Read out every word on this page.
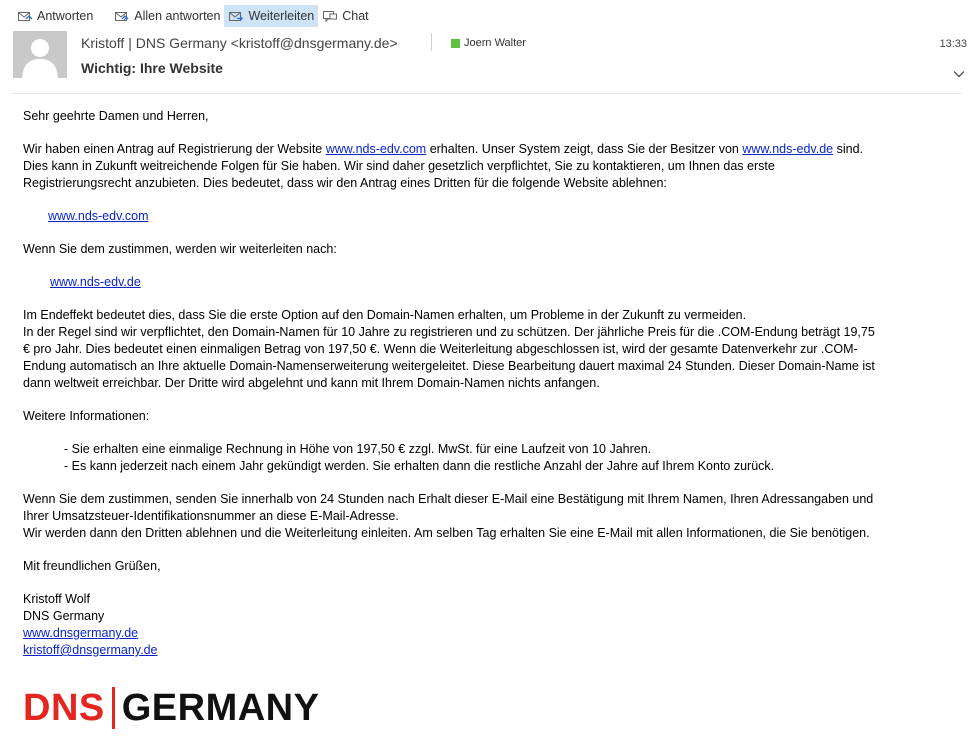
Antworten	Allen antworten Weiterleiten Chat
Kristoff | DNS Germany <kristoff@dnsgermany.de>	Joern Walter	13:33
Wichtig: Ihre Website

Sehr geehrte Damen und Herren,

Wir haben einen Antrag auf Registrierung der Website www.nds-edv.com erhalten. Unser System zeigt, dass Sie der Besitzer von www.nds-edv.de sind.

Dies kann in Zukunft weitreichende Folgen für Sie haben. Wir sind daher gesetzlich verpflichtet, Sie zu kontaktieren, um Ihnen das erste

Registrierungsrecht anzubieten. Dies bedeutet, dass wir den Antrag eines Dritten für die folgende Website ablehnen:

www.nds-edv.com

Wenn Sie dem zustimmen, werden wir weiterleiten nach:

www.nds-edv.de

Im Endeffekt bedeutet dies, dass Sie die erste Option auf den Domain-Namen erhalten, um Probleme in der Zukunft zu vermeiden.

In der Regel sind wir verpflichtet, den Domain-Namen für 10 Jahre zu registrieren und zu schützen. Der jährliche Preis für die .COM-Endung beträgt 19,75

€ pro Jahr. Dies bedeutet einen einmaligen Betrag von 197,50 €. Wenn die Weiterleitung abgeschlossen ist, wird der gesamte Datenverkehr zur .COM-

Endung automatisch an Ihre aktuelle Domain-Namenserweiterung weitergeleitet. Diese Bearbeitung dauert maximal 24 Stunden. Dieser Domain-Name ist

dann weltweit erreichbar. Der Dritte wird abgelehnt und kann mit Ihrem Domain-Namen nichts anfangen.

Weitere Informationen:

- Sie erhalten eine einmalige Rechnung in Höhe von 197,50 € zzgl. MwSt. für eine Laufzeit von 10 Jahren.

- Es kann jederzeit nach einem Jahr gekündigt werden. Sie erhalten dann die restliche Anzahl der Jahre auf Ihrem Konto zurück.

Wenn Sie dem zustimmen, senden Sie innerhalb von 24 Stunden nach Erhalt dieser E-Mail eine Bestätigung mit Ihrem Namen, Ihren Adressangaben und

Ihrer Umsatzsteuer-Identifikationsnummer an diese E-Mail-Adresse.

Wir werden dann den Dritten ablehnen und die Weiterleitung einleiten. Am selben Tag erhalten Sie eine E-Mail mit allen Informationen, die Sie benötigen.

Mit freundlichen Grüßen,

Kristoff Wolf

DNS Germany

www.dnsgermany.de

kristoff@dnsgermany.de

DNS GERMANY
